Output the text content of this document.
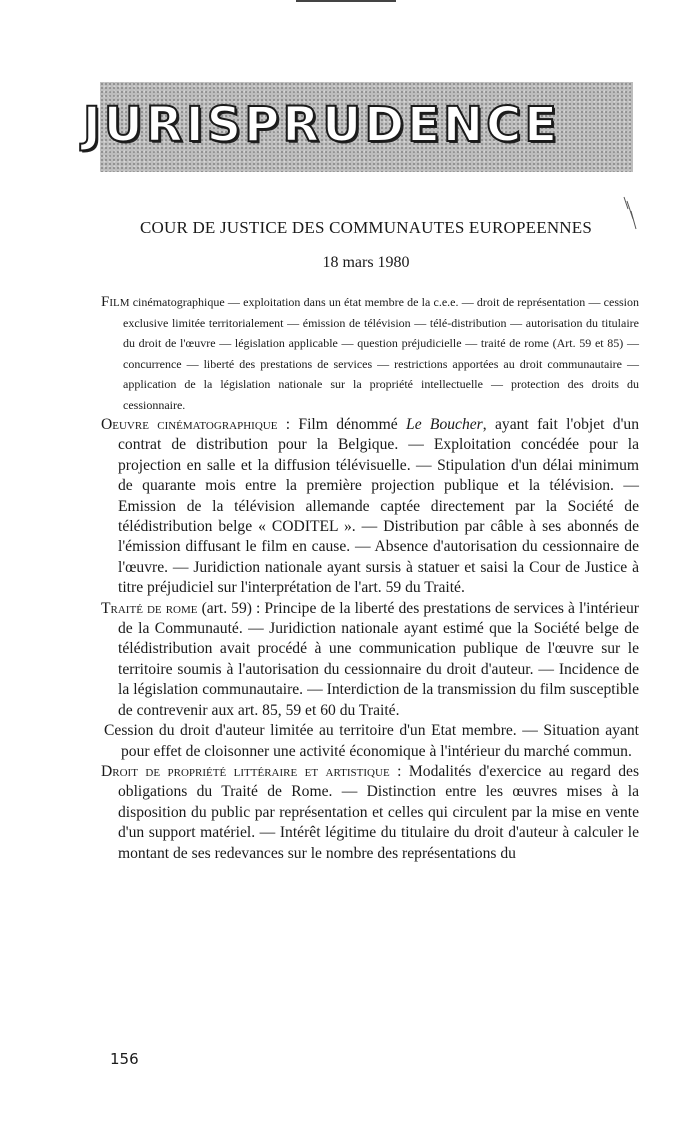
JURISPRUDENCE
COUR DE JUSTICE DES COMMUNAUTES EUROPEENNES
18 mars 1980

Film cinématographique — exploitation dans un état membre de la c.e.e. — droit de représentation — cession exclusive limitée territorialement — émission de télévision — télé-distribution — autorisation du titulaire du droit de l'œuvre — législation applicable — question préjudicielle — traité de rome (Art. 59 et 85) — concurrence — liberté des prestations de services — restrictions apportées au droit communautaire — application de la législation nationale sur la propriété intellectuelle — protection des droits du cessionnaire.

Oeuvre cinématographique : Film dénommé Le Boucher, ayant fait l'objet d'un contrat de distribution pour la Belgique. — Exploitation concédée pour la projection en salle et la diffusion télévisuelle. — Stipulation d'un délai minimum de quarante mois entre la première projection publique et la télévision. — Emission de la télévision allemande captée directement par la Société de télédistribution belge « CODITEL ». — Distribution par câble à ses abonnés de l'émission diffusant le film en cause. — Absence d'autorisation du cessionnaire de l'œuvre. — Juridiction nationale ayant sursis à statuer et saisi la Cour de Justice à titre préjudiciel sur l'interprétation de l'art. 59 du Traité.

Traité de rome (art. 59) : Principe de la liberté des prestations de services à l'intérieur de la Communauté. — Juridiction nationale ayant estimé que la Société belge de télédistribution avait procédé à une communication publique de l'œuvre sur le territoire soumis à l'autorisation du cessionnaire du droit d'auteur. — Incidence de la législation communautaire. — Interdiction de la transmission du film susceptible de contrevenir aux art. 85, 59 et 60 du Traité.

Cession du droit d'auteur limitée au territoire d'un Etat membre. — Situation ayant pour effet de cloisonner une activité économique à l'intérieur du marché commun.

Droit de propriété littéraire et artistique : Modalités d'exercice au regard des obligations du Traité de Rome. — Distinction entre les œuvres mises à la disposition du public par représentation et celles qui circulent par la mise en vente d'un support matériel. — Intérêt légitime du titulaire du droit d'auteur à calculer le montant de ses redevances sur le nombre des représentations du

156
